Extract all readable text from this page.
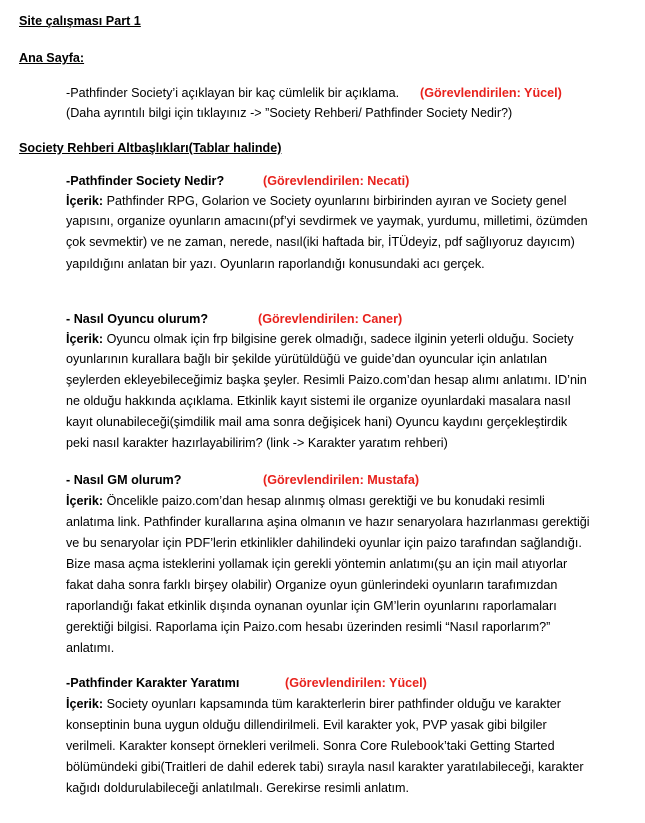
Site çalışması Part 1
Ana Sayfa:
-Pathfinder Society’i açıklayan bir kaç cümlelik bir açıklama. (Görevlendirilen: Yücel)
(Daha ayrıntılı bilgi için tıklayınız -> ”Society Rehberi/ Pathfinder Society Nedir?)
Society Rehberi Altbaşlıkları(Tablar halinde)
-Pathfinder Society Nedir?	(Görevlendirilen: Necati)
İçerik: Pathfinder RPG, Golarion ve Society oyunlarını birbirinden ayıran ve Society genel
yapısını, organize oyunların amacını(pf’yi sevdirmek ve yaymak, yurdumu, milletimi, özümden
çok sevmektir) ve ne zaman, nerede, nasıl(iki haftada bir, İTÜdeyiz, pdf sağlıyoruz dayıcım)
yapıldığını anlatan bir yazı. Oyunların raporlandığı konusundaki acı gerçek.
- Nasıl Oyuncu olurum?	(Görevlendirilen: Caner)
İçerik: Oyuncu olmak için frp bilgisine gerek olmadığı, sadece ilginin yeterli olduğu. Society
oyunlarının kurallara bağlı bir şekilde yürütüldüğü ve guide’dan oyuncular için anlatılan
şeylerden ekleyebileceğimiz başka şeyler. Resimli Paizo.com’dan hesap alımı anlatımı. ID’nin
ne olduğu hakkında açıklama. Etkinlik kayıt sistemi ile organize oyunlardaki masalara nasıl
kayıt olunabileceği(şimdilik mail ama sonra değişicek hani) Oyuncu kaydını gerçekleştirdik
peki nasıl karakter hazırlayabilirim? (link -> Karakter yaratım rehberi)
- Nasıl GM olurum?	(Görevlendirilen: Mustafa)
İçerik: Öncelikle paizo.com’dan hesap alınmış olması gerektiği ve bu konudaki resimli
anlatıma link. Pathfinder kurallarına aşina olmanın ve hazır senaryolara hazırlanması gerektiği
ve bu senaryolar için PDF’lerin etkinlikler dahilindeki oyunlar için paizo tarafından sağlandığı.
Bize masa açma isteklerini yollamak için gerekli yöntemin anlatımı(şu an için mail atıyorlar
fakat daha sonra farklı birşey olabilir) Organize oyun günlerindeki oyunların tarafımızdan
raporlandığı fakat etkinlik dışında oynanan oyunlar için GM’lerin oyunlarını raporlamaları
gerektiği bilgisi. Raporlama için Paizo.com hesabı üzerinden resimli “Nasıl raporlarım?”
anlatımı.
-Pathfinder Karakter Yaratımı	(Görevlendirilen: Yücel)
İçerik: Society oyunları kapsamında tüm karakterlerin birer pathfinder olduğu ve karakter
konseptinin buna uygun olduğu dillendirilmeli. Evil karakter yok, PVP yasak gibi bilgiler
verilmeli. Karakter konsept örnekleri verilmeli. Sonra Core Rulebook’taki Getting Started
bölümündeki gibi(Traitleri de dahil ederek tabi) sırayla nasıl karakter yaratılabileceği, karakter
kağıdı doldurulabileceği anlatılmalı. Gerekirse resimli anlatım.
